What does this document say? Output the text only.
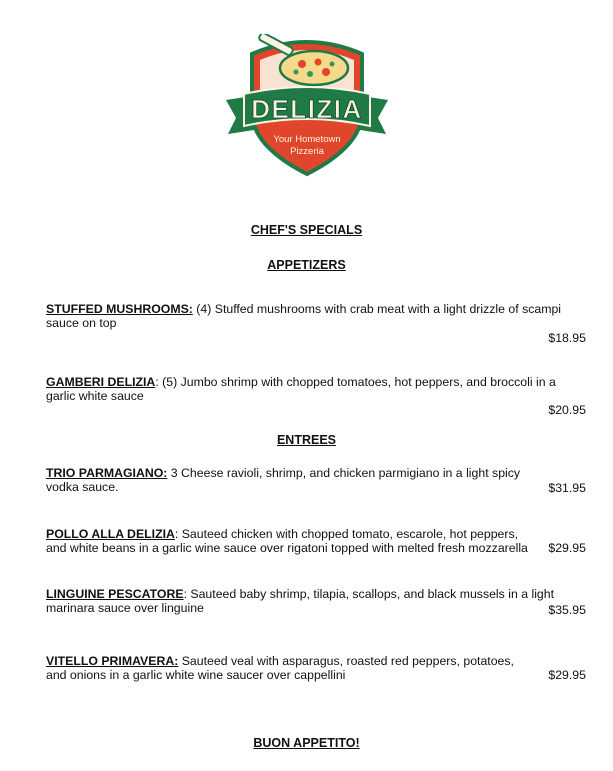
DELIZIA
Your Hometown
Pizzeria
CHEF'S SPECIALS
APPETIZERS
STUFFED MUSHROOMS: (4) Stuffed mushrooms with crab meat with a light drizzle of scampi sauce on top
$18.95
GAMBERI DELIZIA: (5) Jumbo shrimp with chopped tomatoes, hot peppers, and broccoli in a garlic white sauce
$20.95
ENTREES
TRIO PARMAGIANO: 3 Cheese ravioli, shrimp, and chicken parmigiano in a light spicy vodka sauce.	$31.95
POLLO ALLA DELIZIA: Sauteed chicken with chopped tomato, escarole, hot peppers, and white beans in a garlic wine sauce over rigatoni topped with melted fresh mozzarella	$29.95
LINGUINE PESCATORE: Sauteed baby shrimp, tilapia, scallops, and black mussels in a light marinara sauce over linguine	$35.95
VITELLO PRIMAVERA: Sauteed veal with asparagus, roasted red peppers, potatoes, and onions in a garlic white wine saucer over cappellini	$29.95
BUON APPETITO!
